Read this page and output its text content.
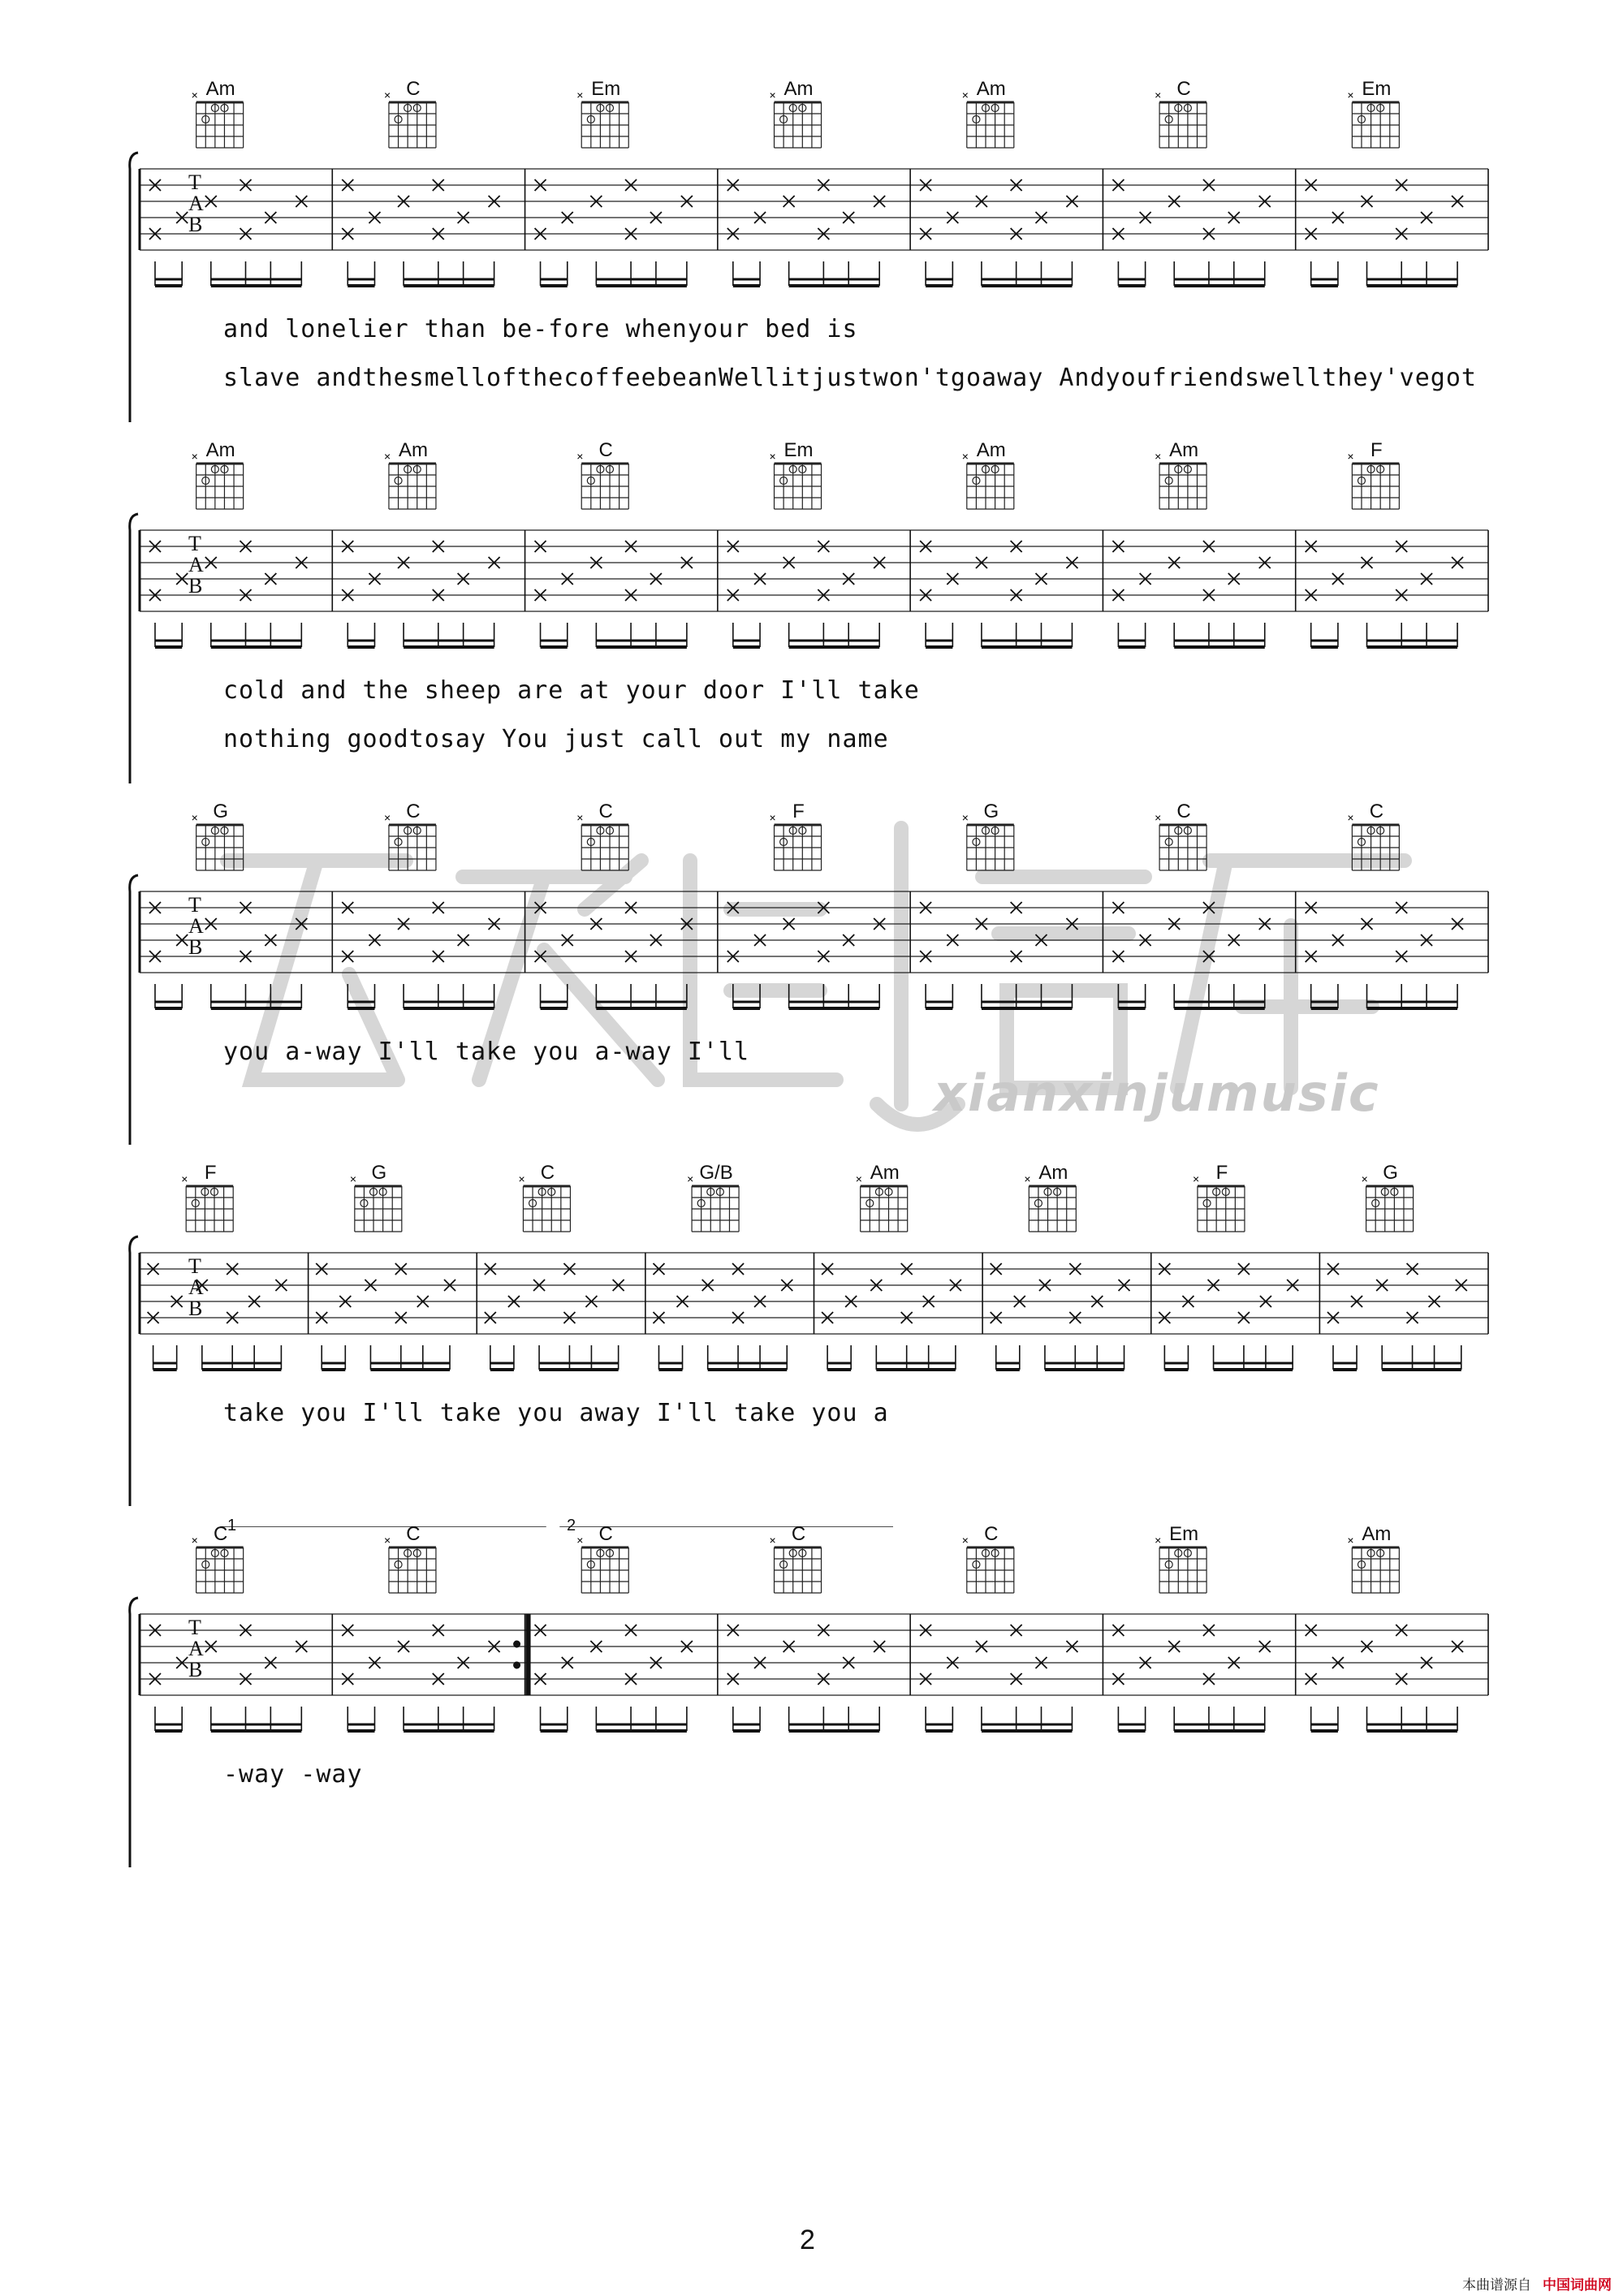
xianxinjumusic
×	×	×	×	×	×	×
Am	C	Em	Am	Am	C	Em
T
A
B
and lonelier than be-fore whenyour bed is
slave andthesmellofthecoffeebeanWellitjustwon'tgoaway Andyoufriendswellthey'vegot
×	×	×	×	×	×	×
Am	Am	C	Em	Am	Am	F
T
A
B
cold and the sheep are at your door I'll take
nothing goodtosay You just call out my name
×	×	×	×	×	×	×
G	C	C	F	G	C	C
T
A
B
you a-way I'll take you a-way I'll
×	×	×	×	×	×	×	×
F	G	C	G/B	Am	Am	F	G
T
A
B
take you I'll take you away I'll take you a
×	×	×	×	×	×	×
C	C	C	C	C	Em	Am
T
A
B
-way -way
1	2
2
本曲谱源自 中国词曲网
